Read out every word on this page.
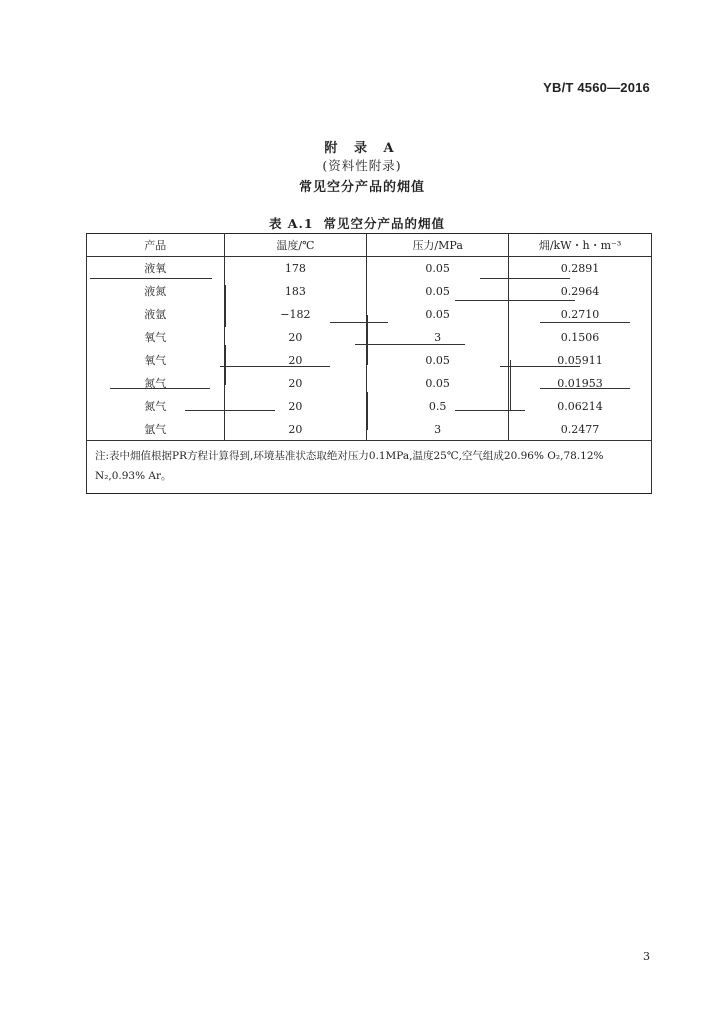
YB/T 4560—2016
附 录 A
(资料性附录)
常见空分产品的㶲值
表 A.1 常见空分产品的㶲值
产品	温度/℃	压力/MPa	㶲/kW・h・m⁻³
液氧	178	0.05	0.2891
液氮	183	0.05	0.2964
液氩	−182	0.05	0.2710
氧气	20	3	0.1506
氧气	20	0.05	0.05911
氮气	20	0.05	0.01953
氮气	20	0.5	0.06214
氩气	20	3	0.2477
注:表中㶲值根据PR方程计算得到,环境基准状态取绝对压力0.1MPa,温度25℃,空气组成20.96% O₂,78.12% N₂,0.93% Ar。			
3
